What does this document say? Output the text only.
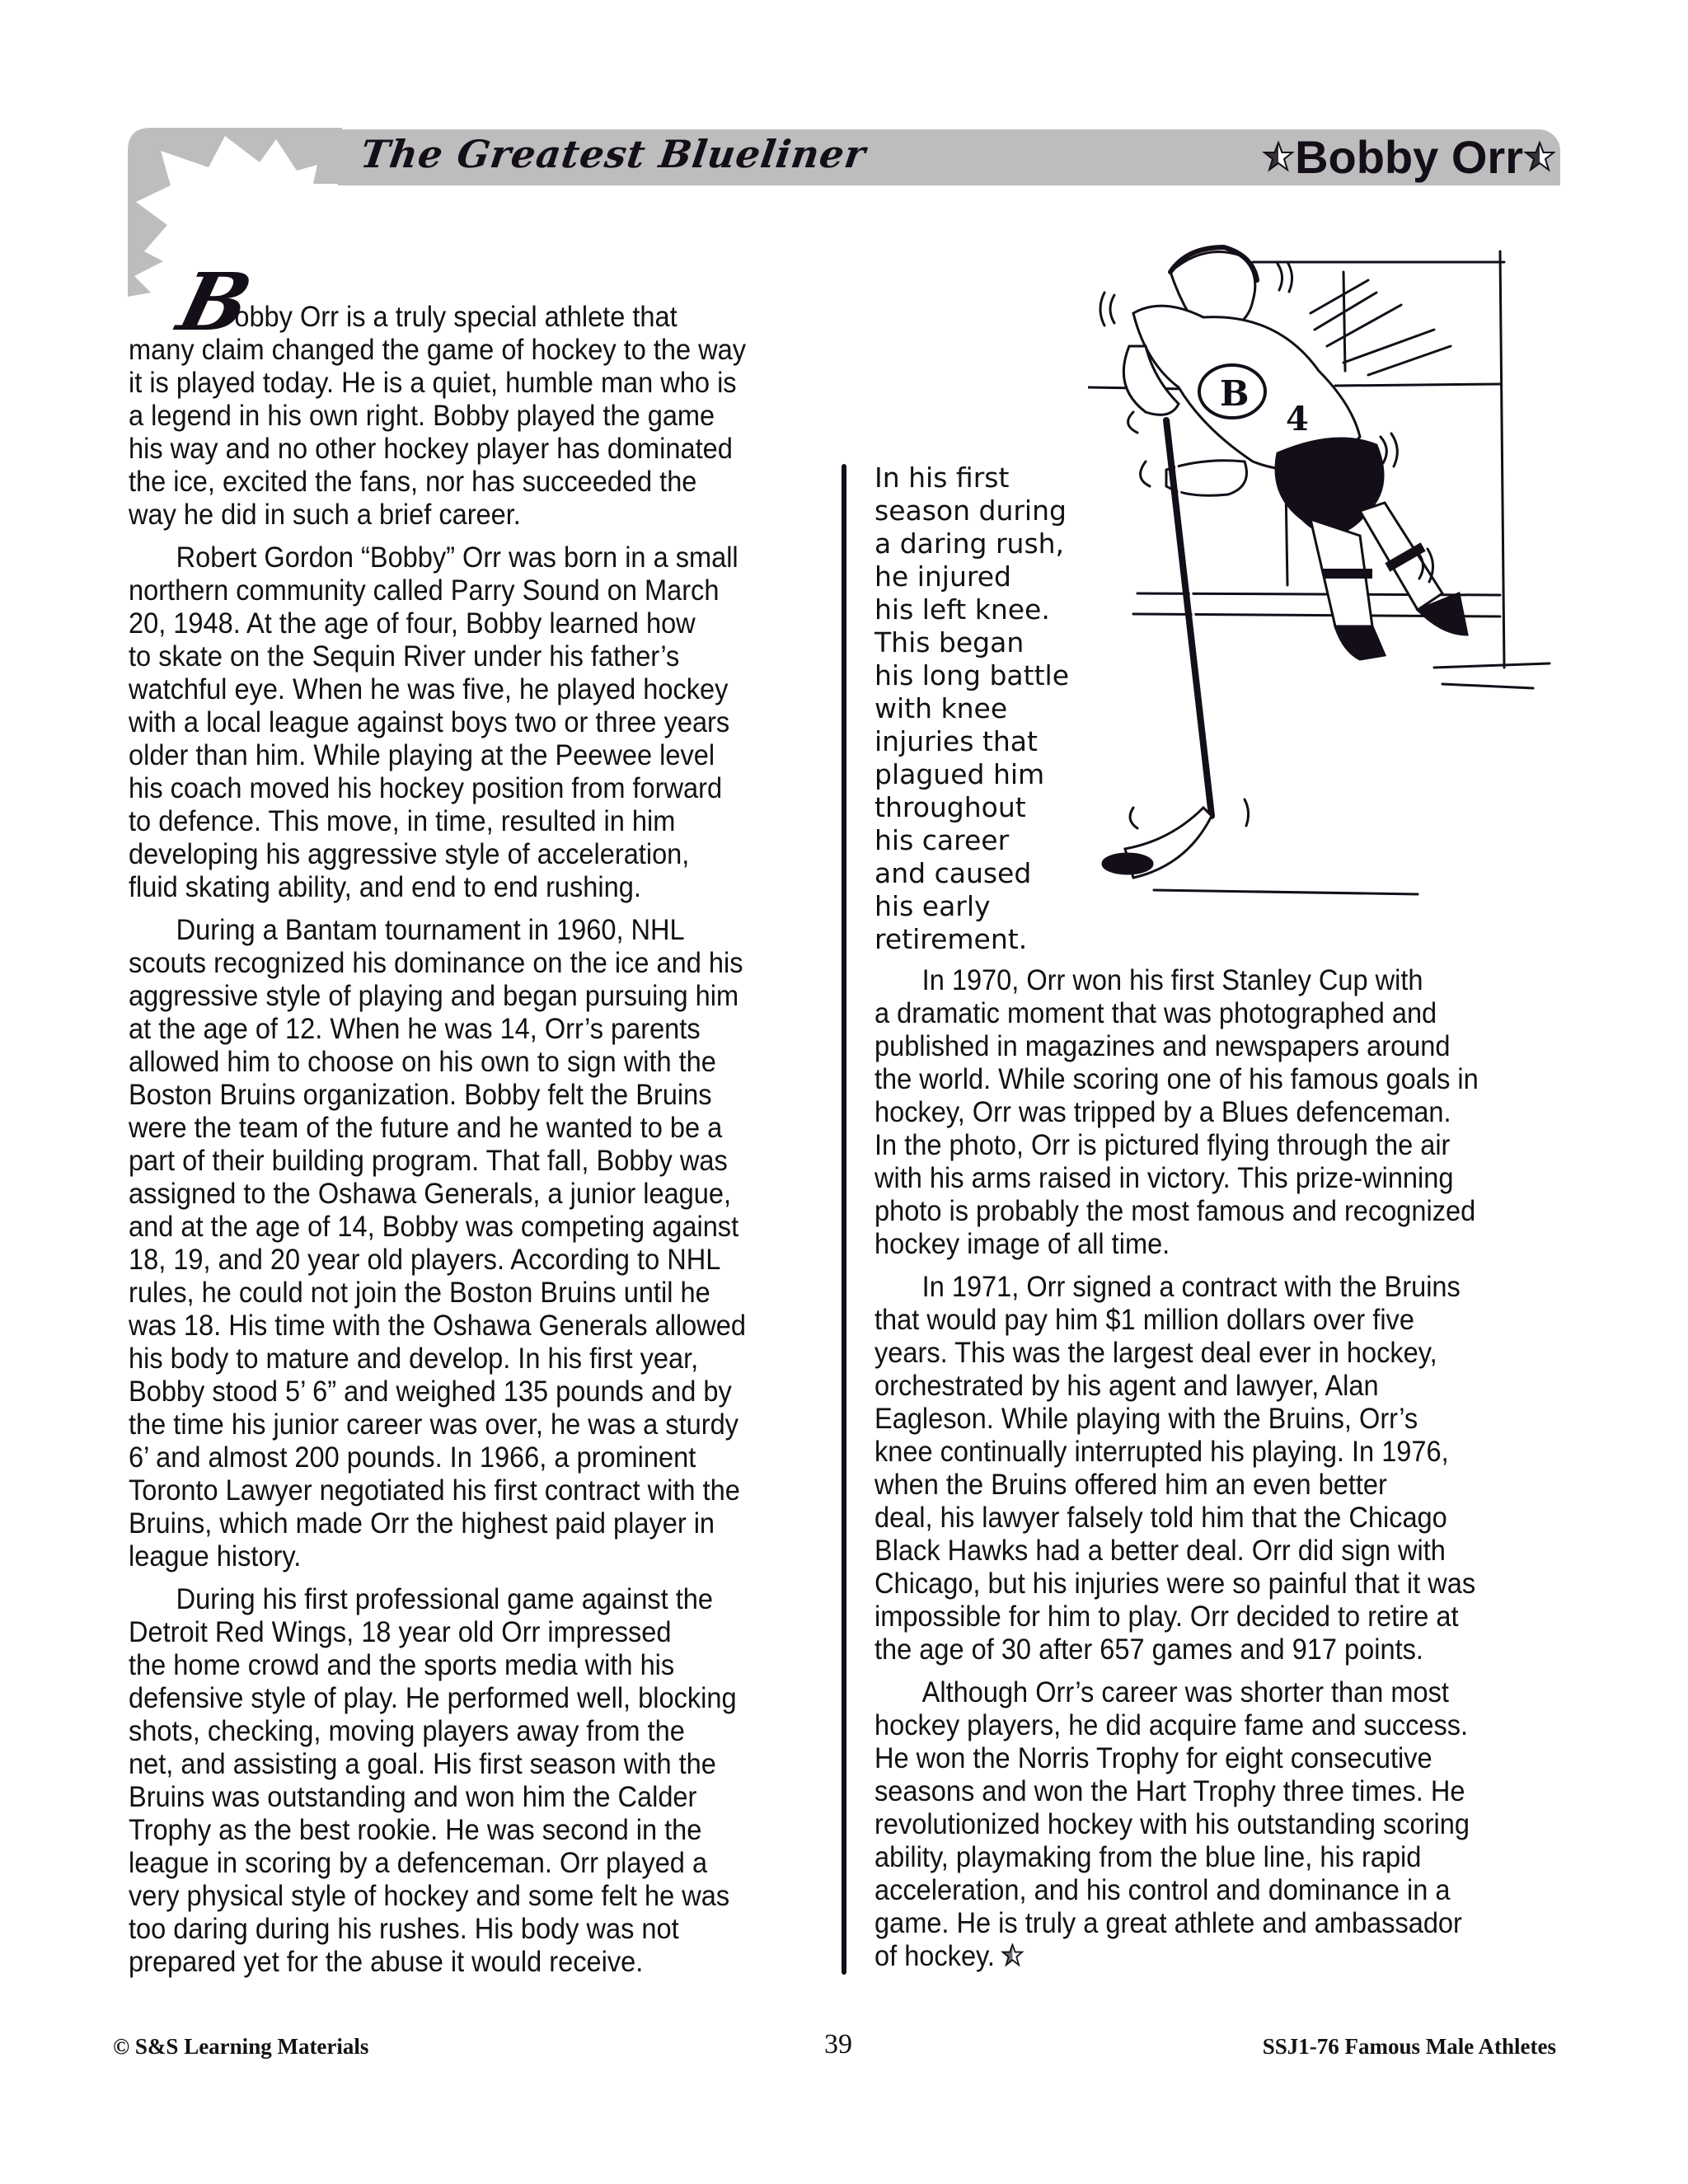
The Greatest Blueliner	Bobby Orr
B

obby Orr is a truly special athlete that
many claim changed the game of hockey to the way
it is played today. He is a quiet, humble man who is
a legend in his own right. Bobby played the game
his way and no other hockey player has dominated
the ice, excited the fans, nor has succeeded the
way he did in such a brief career.

Robert Gordon “Bobby” Orr was born in a small
northern community called Parry Sound on March
20, 1948. At the age of four, Bobby learned how
to skate on the Sequin River under his father’s
watchful eye. When he was five, he played hockey
with a local league against boys two or three years
older than him. While playing at the Peewee level
his coach moved his hockey position from forward
to defence. This move, in time, resulted in him
developing his aggressive style of acceleration,
fluid skating ability, and end to end rushing.

During a Bantam tournament in 1960, NHL
scouts recognized his dominance on the ice and his
aggressive style of playing and began pursuing him
at the age of 12. When he was 14, Orr’s parents
allowed him to choose on his own to sign with the
Boston Bruins organization. Bobby felt the Bruins
were the team of the future and he wanted to be a
part of their building program. That fall, Bobby was
assigned to the Oshawa Generals, a junior league,
and at the age of 14, Bobby was competing against
18, 19, and 20 year old players. According to NHL
rules, he could not join the Boston Bruins until he
was 18. His time with the Oshawa Generals allowed
his body to mature and develop. In his first year,
Bobby stood 5’ 6” and weighed 135 pounds and by
the time his junior career was over, he was a sturdy
6’ and almost 200 pounds. In 1966, a prominent
Toronto Lawyer negotiated his first contract with the
Bruins, which made Orr the highest paid player in
league history.

During his first professional game against the
Detroit Red Wings, 18 year old Orr impressed
the home crowd and the sports media with his
defensive style of play. He performed well, blocking
shots, checking, moving players away from the
net, and assisting a goal. His first season with the
Bruins was outstanding and won him the Calder
Trophy as the best rookie. He was second in the
league in scoring by a defenceman. Orr played a
very physical style of hockey and some felt he was
too daring during his rushes. His body was not
prepared yet for the abuse it would receive.

In his first
season during
a daring rush,
he injured
his left knee.
This began
his long battle
with knee
injuries that
plagued him
throughout
his career
and caused
his early
retirement.
B
4

In 1970, Orr won his first Stanley Cup with
a dramatic moment that was photographed and
published in magazines and newspapers around
the world. While scoring one of his famous goals in
hockey, Orr was tripped by a Blues defenceman.
In the photo, Orr is pictured flying through the air
with his arms raised in victory. This prize-winning
photo is probably the most famous and recognized
hockey image of all time.

In 1971, Orr signed a contract with the Bruins
that would pay him $1 million dollars over five
years. This was the largest deal ever in hockey,
orchestrated by his agent and lawyer, Alan
Eagleson. While playing with the Bruins, Orr’s
knee continually interrupted his playing. In 1976,
when the Bruins offered him an even better
deal, his lawyer falsely told him that the Chicago
Black Hawks had a better deal. Orr did sign with
Chicago, but his injuries were so painful that it was
impossible for him to play. Orr decided to retire at
the age of 30 after 657 games and 917 points.

Although Orr’s career was shorter than most
hockey players, he did acquire fame and success.
He won the Norris Trophy for eight consecutive
seasons and won the Hart Trophy three times. He
revolutionized hockey with his outstanding scoring
ability, playmaking from the blue line, his rapid
acceleration, and his control and dominance in a
game. He is truly a great athlete and ambassador
of hockey.

© S&S Learning Materials	39	SSJ1-76 Famous Male Athletes
